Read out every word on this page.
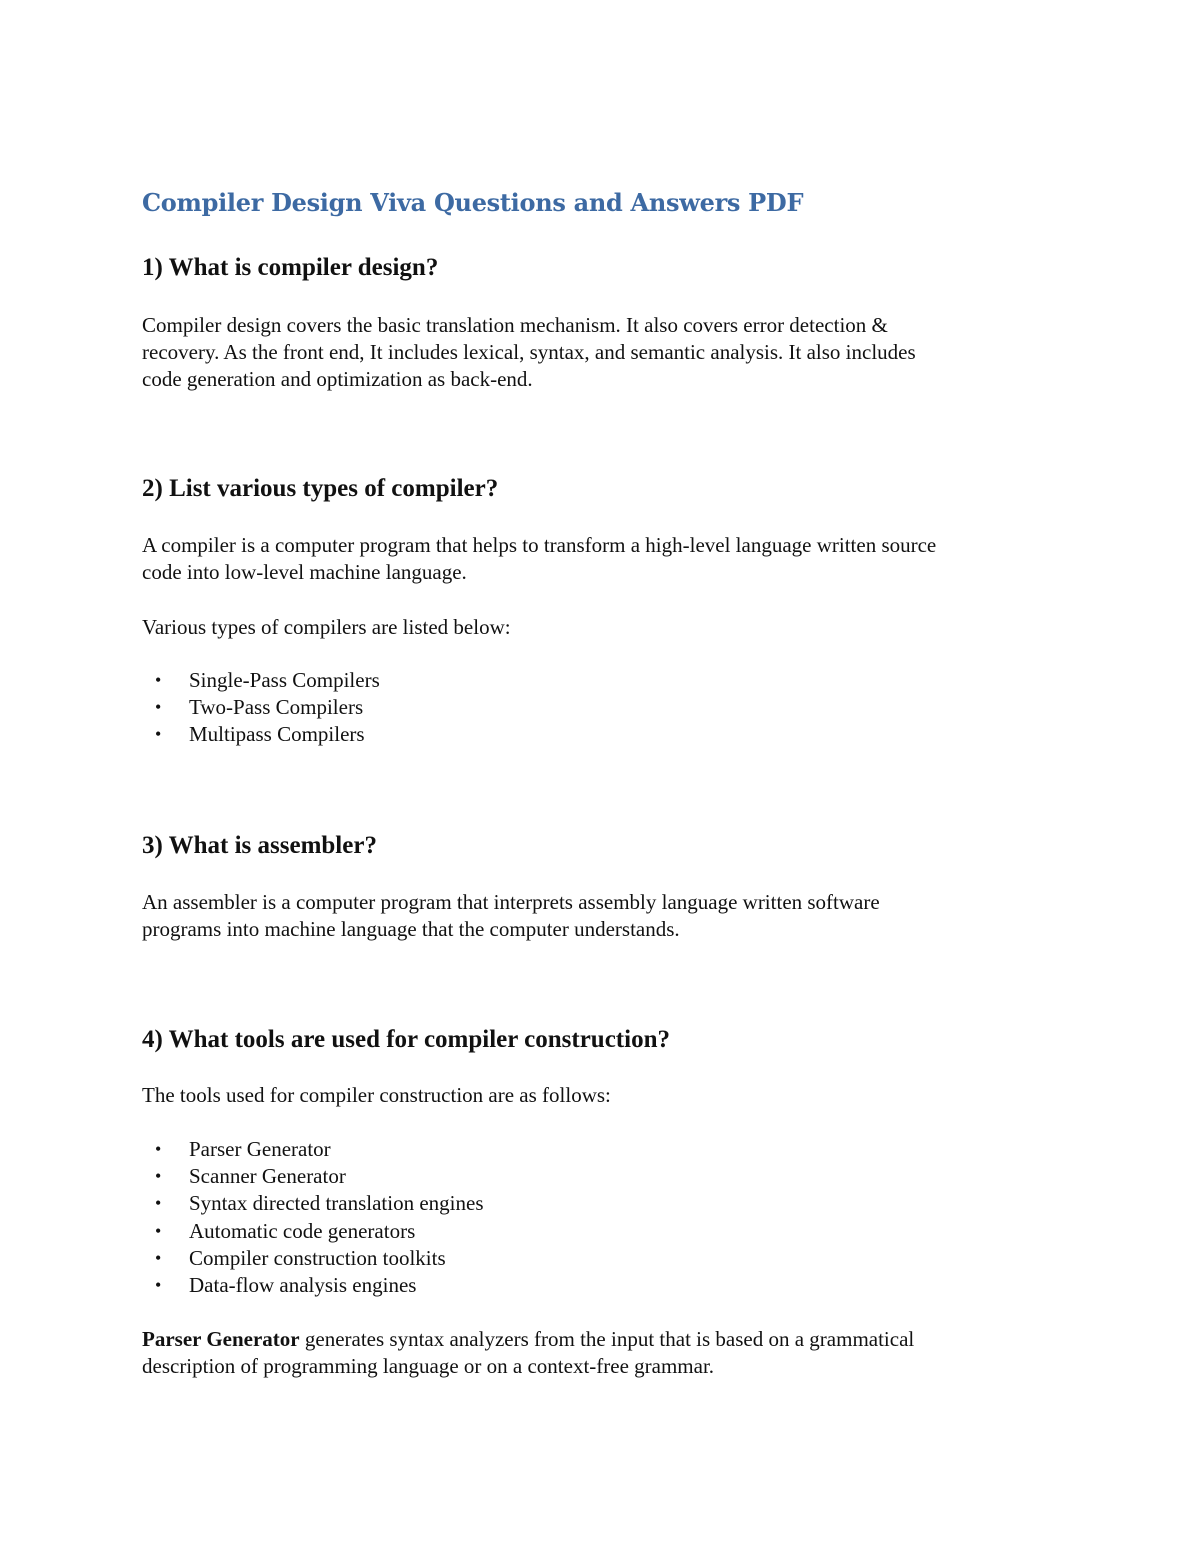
Compiler Design Viva Questions and Answers PDF
1) What is compiler design?

Compiler design covers the basic translation mechanism. It also covers error detection &
recovery. As the front end, It includes lexical, syntax, and semantic analysis. It also includes
code generation and optimization as back-end.

2) List various types of compiler?

A compiler is a computer program that helps to transform a high-level language written source
code into low-level machine language.

Various types of compilers are listed below:

• Single-Pass Compilers
• Two-Pass Compilers
• Multipass Compilers
3) What is assembler?

An assembler is a computer program that interprets assembly language written software
programs into machine language that the computer understands.

4) What tools are used for compiler construction?

The tools used for compiler construction are as follows:

• Parser Generator
• Scanner Generator
• Syntax directed translation engines
• Automatic code generators
• Compiler construction toolkits
• Data-flow analysis engines

Parser Generator generates syntax analyzers from the input that is based on a grammatical
description of programming language or on a context-free grammar.
